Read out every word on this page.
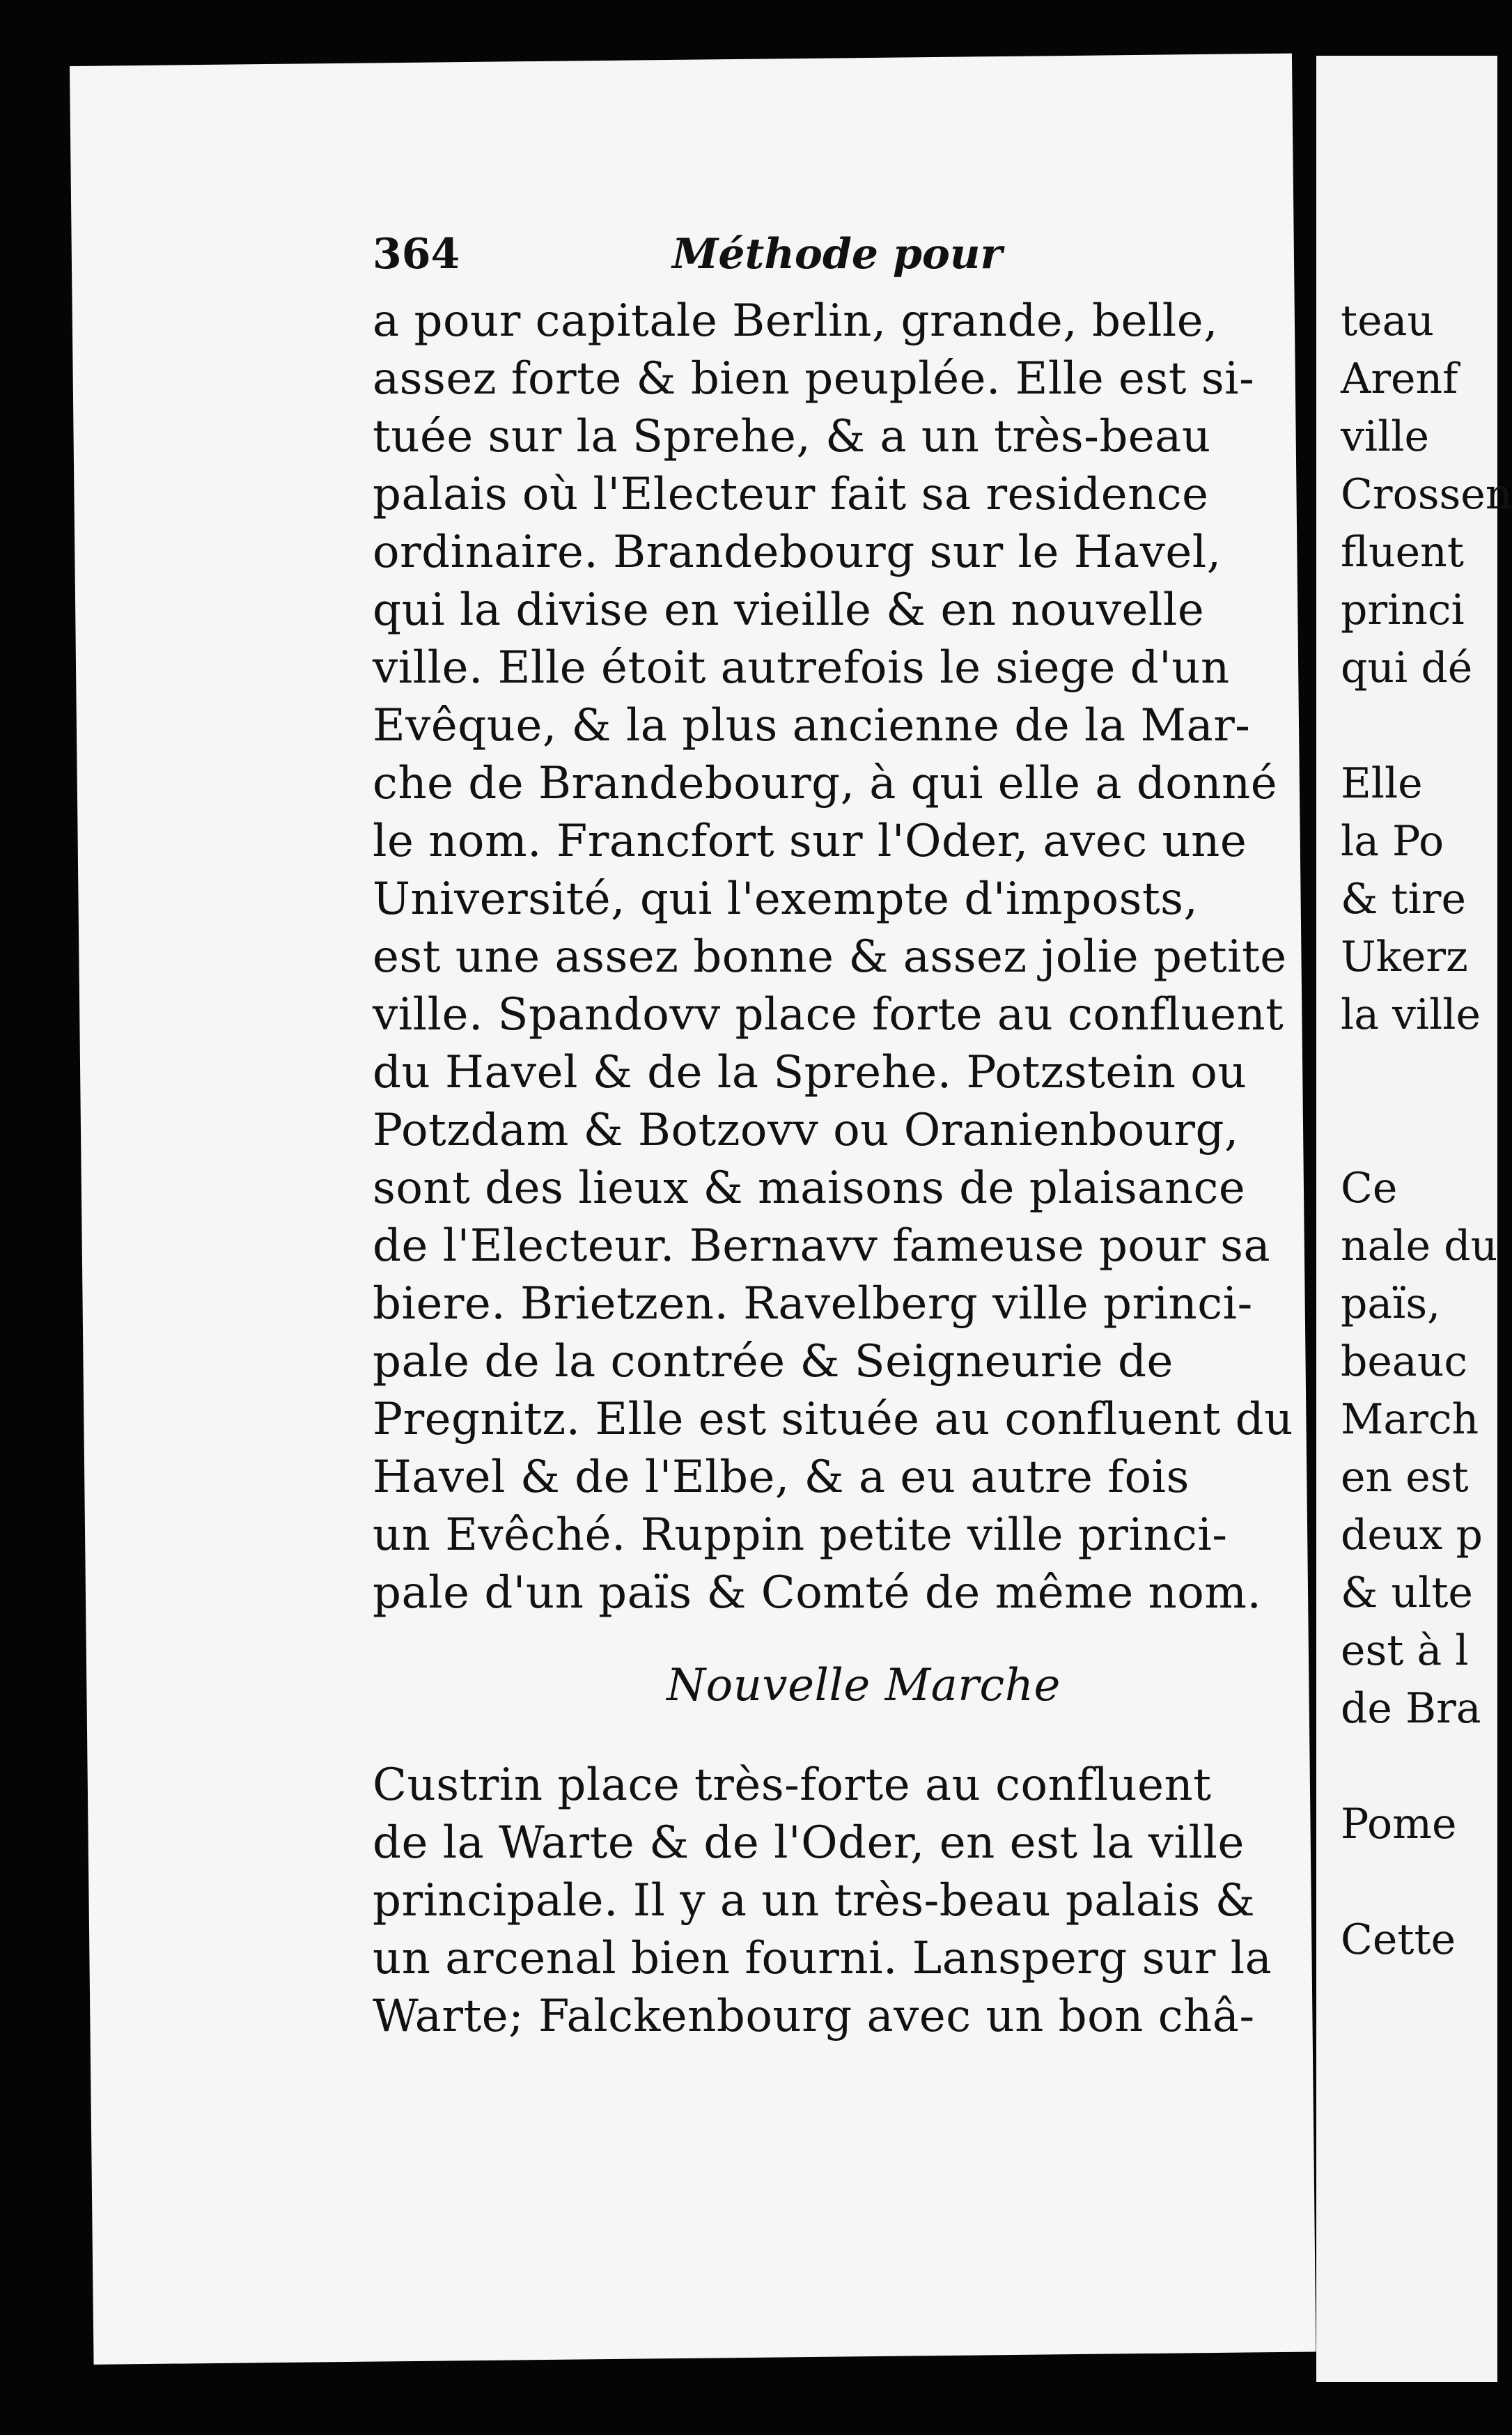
364	Méthode pour
a pour capitale Berlin, grande, belle,
assez forte & bien peuplée. Elle est si-
tuée sur la Sprehe, & a un très-beau
palais où l'Electeur fait sa residence
ordinaire. Brandebourg sur le Havel,
qui la divise en vieille & en nouvelle
ville. Elle étoit autrefois le siege d'un
Evêque, & la plus ancienne de la Mar-
che de Brandebourg, à qui elle a donné
le nom. Francfort sur l'Oder, avec une
Université, qui l'exempte d'imposts,
est une assez bonne & assez jolie petite
ville. Spandovv place forte au confluent
du Havel & de la Sprehe. Potzstein ou
Potzdam & Botzovv ou Oranienbourg,
sont des lieux & maisons de plaisance
de l'Electeur. Bernavv fameuse pour sa
biere. Brietzen. Ravelberg ville princi-
pale de la contrée & Seigneurie de
Pregnitz. Elle est située au confluent du
Havel & de l'Elbe, & a eu autre fois
un Evêché. Ruppin petite ville princi-
pale d'un païs & Comté de même nom.
Nouvelle Marche
Custrin place très-forte au confluent
de la Warte & de l'Oder, en est la ville
principale. Il y a un très-beau palais &
un arcenal bien fourni. Lansperg sur la
Warte; Falckenbourg avec un bon châ-
teau
Arenf
ville
Crossen
fluent
princi
qui dé

Elle
la Po
& tire
Ukerz
la ville

Ce
nale du
païs,
beauc
March
en est
deux p
& ulte
est à l
de Bra

Pome

Cette
